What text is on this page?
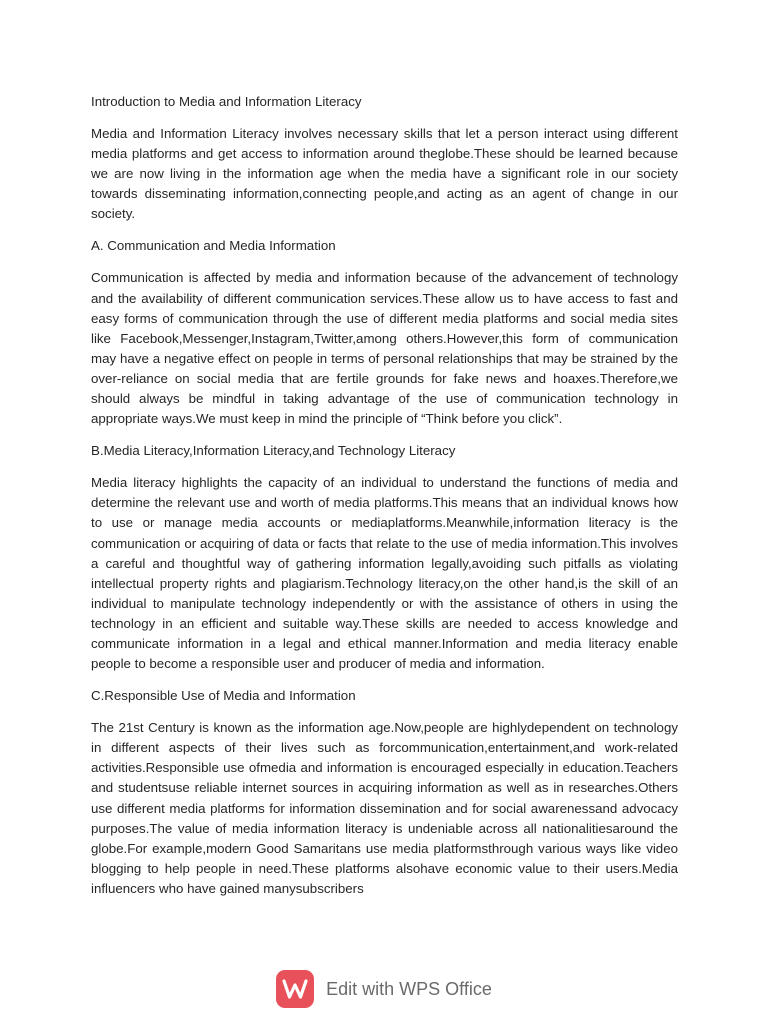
Introduction to Media and Information Literacy
Media and Information Literacy involves necessary skills that let a person interact using different media platforms and get access to information around theglobe.These should be learned because we are now living in the information age when the media have a significant role in our society towards disseminating information,connecting people,and acting as an agent of change in our society.
A. Communication and Media Information
Communication is affected by media and information because of the advancement of technology and the availability of different communication services.These allow us to have access to fast and easy forms of communication through the use of different media platforms and social media sites like Facebook,Messenger,Instagram,Twitter,among others.However,this form of communication may have a negative effect on people in terms of personal relationships that may be strained by the over-reliance on social media that are fertile grounds for fake news and hoaxes.Therefore,we should always be mindful in taking advantage of the use of communication technology in appropriate ways.We must keep in mind the principle of “Think before you click”.
B.Media Literacy,Information Literacy,and Technology Literacy
Media literacy highlights the capacity of an individual to understand the functions of media and determine the relevant use and worth of media platforms.This means that an individual knows how to use or manage media accounts or mediaplatforms.Meanwhile,information literacy is the communication or acquiring of data or facts that relate to the use of media information.This involves a careful and thoughtful way of gathering information legally,avoiding such pitfalls as violating intellectual property rights and plagiarism.Technology literacy,on the other hand,is the skill of an individual to manipulate technology independently or with the assistance of others in using the technology in an efficient and suitable way.These skills are needed to access knowledge and communicate information in a legal and ethical manner.Information and media literacy enable people to become a responsible user and producer of media and information.
C.Responsible Use of Media and Information
The 21st Century is known as the information age.Now,people are highlydependent on technology in different aspects of their lives such as forcommunication,entertainment,and work-related activities.Responsible use ofmedia and information is encouraged especially in education.Teachers and studentsuse reliable internet sources in acquiring information as well as in researches.Others use different media platforms for information dissemination and for social awarenessand advocacy purposes.The value of media information literacy is undeniable across all nationalitiesaround the globe.For example,modern Good Samaritans use media platformsthrough various ways like video blogging to help people in need.These platforms alsohave economic value to their users.Media influencers who have gained manysubscribers
Edit with WPS Office
